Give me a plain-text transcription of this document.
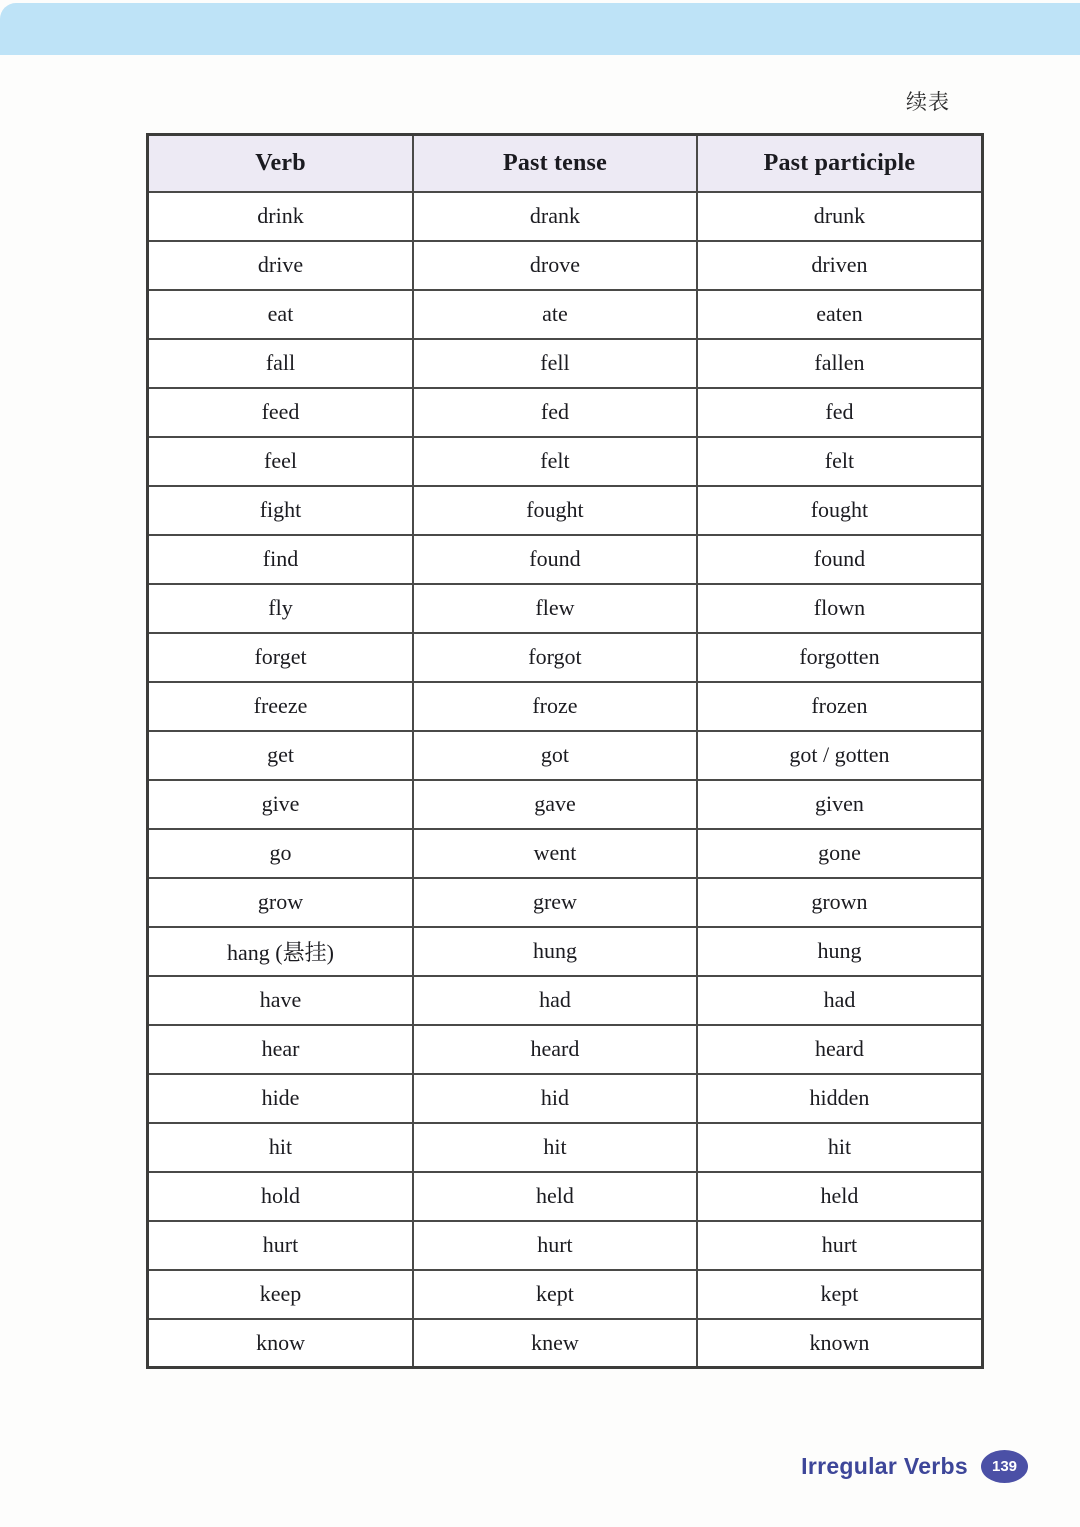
续表
Verb	Past tense	Past participle
drink	drank	drunk
drive	drove	driven
eat	ate	eaten
fall	fell	fallen
feed	fed	fed
feel	felt	felt
fight	fought	fought
find	found	found
fly	flew	flown
forget	forgot	forgotten
freeze	froze	frozen
get	got	got / gotten
give	gave	given
go	went	gone
grow	grew	grown
hang (悬挂)	hung	hung
have	had	had
hear	heard	heard
hide	hid	hidden
hit	hit	hit
hold	held	held
hurt	hurt	hurt
keep	kept	kept
know	knew	known
Irregular Verbs	139
